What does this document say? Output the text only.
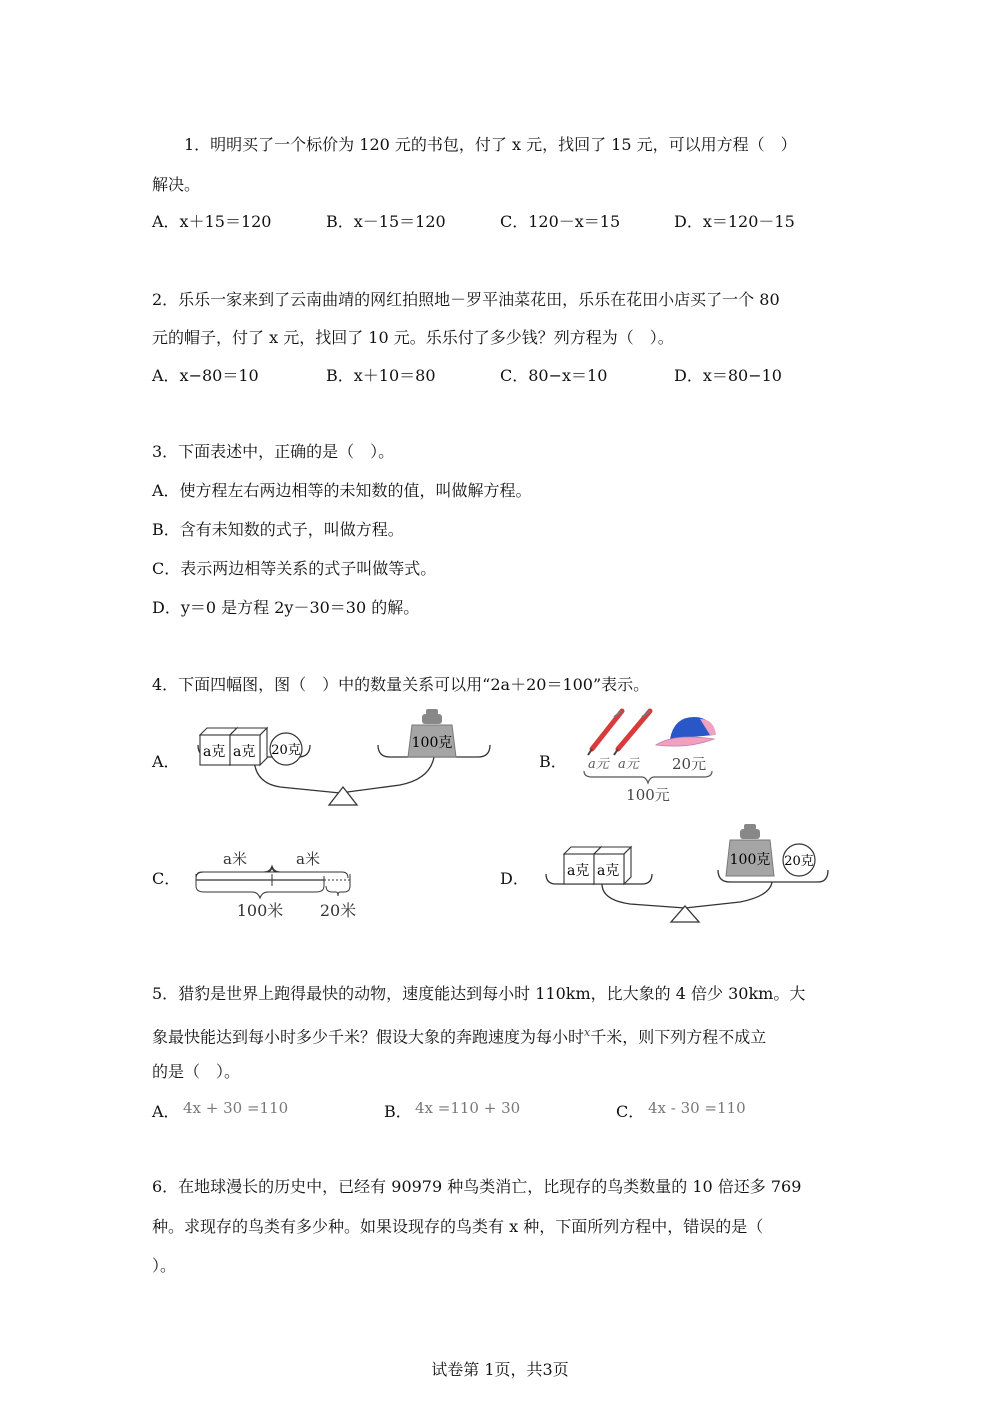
1．明明买了一个标价为 120 元的书包，付了 x 元，找回了 15 元，可以用方程（　）
解决。
A．x＋15＝120	B．x－15＝120	C．120－x＝15	D．x＝120－15
2．乐乐一家来到了云南曲靖的网红拍照地－罗平油菜花田，乐乐在花田小店买了一个 80
元的帽子，付了 x 元，找回了 10 元。乐乐付了多少钱？列方程为（　）。
A．x−80＝10	B．x＋10＝80	C．80−x＝10	D．x＝80−10
3．下面表述中，正确的是（　）。
A．使方程左右两边相等的未知数的值，叫做解方程。
B．含有未知数的式子，叫做方程。
C．表示两边相等关系的式子叫做等式。
D．y＝0 是方程 2y－30＝30 的解。
4．下面四幅图，图（　）中的数量关系可以用“2a＋20＝100”表示。
A． a克 a克 20克	100克
B． a元 a元 20元
100元
C．
a米	a米
100米 20米
D．	a克 a克
100克 20克
5．猎豹是世界上跑得最快的动物，速度能达到每小时 110km，比大象的 4 倍少 30km。大
象最快能达到每小时多少千米？假设大象的奔跑速度为每小时$^x$千米，则下列方程不成立
的是（　）。
A． 4x + 30 =110	B． 4x =110 + 30	C． 4x - 30 =110
6．在地球漫长的历史中，已经有 90979 种鸟类消亡，比现存的鸟类数量的 10 倍还多 769
种。求现存的鸟类有多少种。如果设现存的鸟类有 x 种，下面所列方程中，错误的是（
）。
试卷第 1页，共3页
